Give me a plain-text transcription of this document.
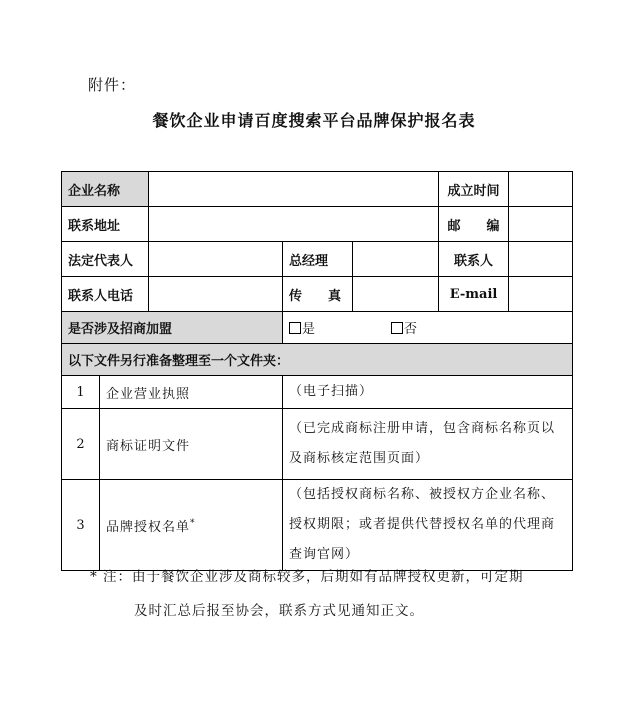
附件：
餐饮企业申请百度搜索平台品牌保护报名表
企业名称					成立时间	
联系地址					邮　　编	
法定代表人			总经理		联系人	
联系人电话			传　　真		E-mail	
是否涉及招商加盟			是 否			
以下文件另行准备整理至一个文件夹：						
1	企业营业执照		（电子扫描）			
2	商标证明文件		（已完成商标注册申请，包含商标名称页以及商标核定范围页面）			
3	品牌授权名单*		（包括授权商标名称、被授权方企业名称、授权期限；或者提供代替授权名单的代理商查询官网）			
* 注：由于餐饮企业涉及商标较多，后期如有品牌授权更新，可定期
及时汇总后报至协会，联系方式见通知正文。
